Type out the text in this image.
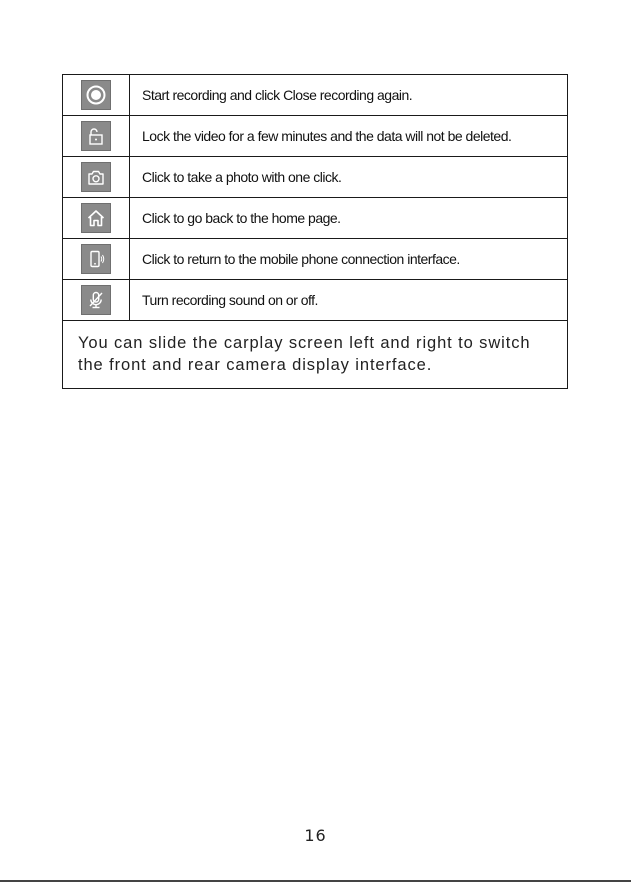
Start recording and click Close recording again.
Lock the video for a few minutes and the data will not be deleted.
Click to take a photo with one click.
Click to go back to the home page.
Click to return to the mobile phone connection interface.
Turn recording sound on or off.
You can slide the carplay screen left and right to switch the front and rear camera display interface.
16
